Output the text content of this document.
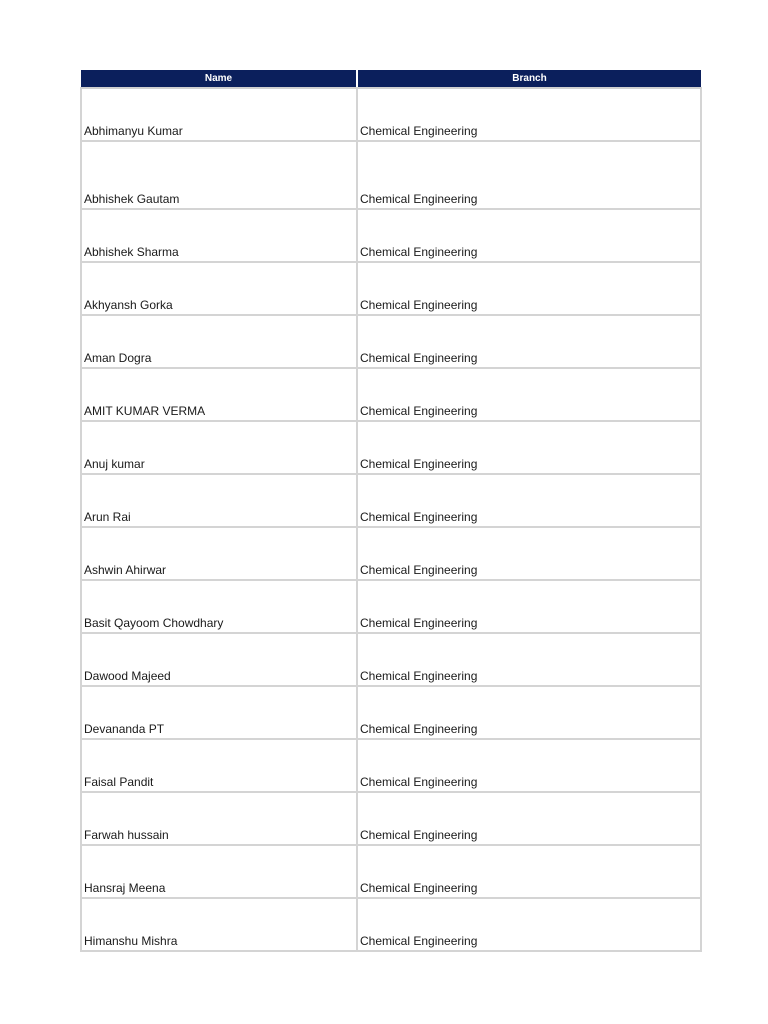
Name	Branch
Abhimanyu Kumar	Chemical Engineering
Abhishek Gautam	Chemical Engineering
Abhishek Sharma	Chemical Engineering
Akhyansh Gorka	Chemical Engineering
Aman Dogra	Chemical Engineering
AMIT KUMAR VERMA	Chemical Engineering
Anuj kumar	Chemical Engineering
Arun Rai	Chemical Engineering
Ashwin Ahirwar	Chemical Engineering
Basit Qayoom Chowdhary	Chemical Engineering
Dawood Majeed	Chemical Engineering
Devananda PT	Chemical Engineering
Faisal Pandit	Chemical Engineering
Farwah hussain	Chemical Engineering
Hansraj Meena	Chemical Engineering
Himanshu Mishra	Chemical Engineering
